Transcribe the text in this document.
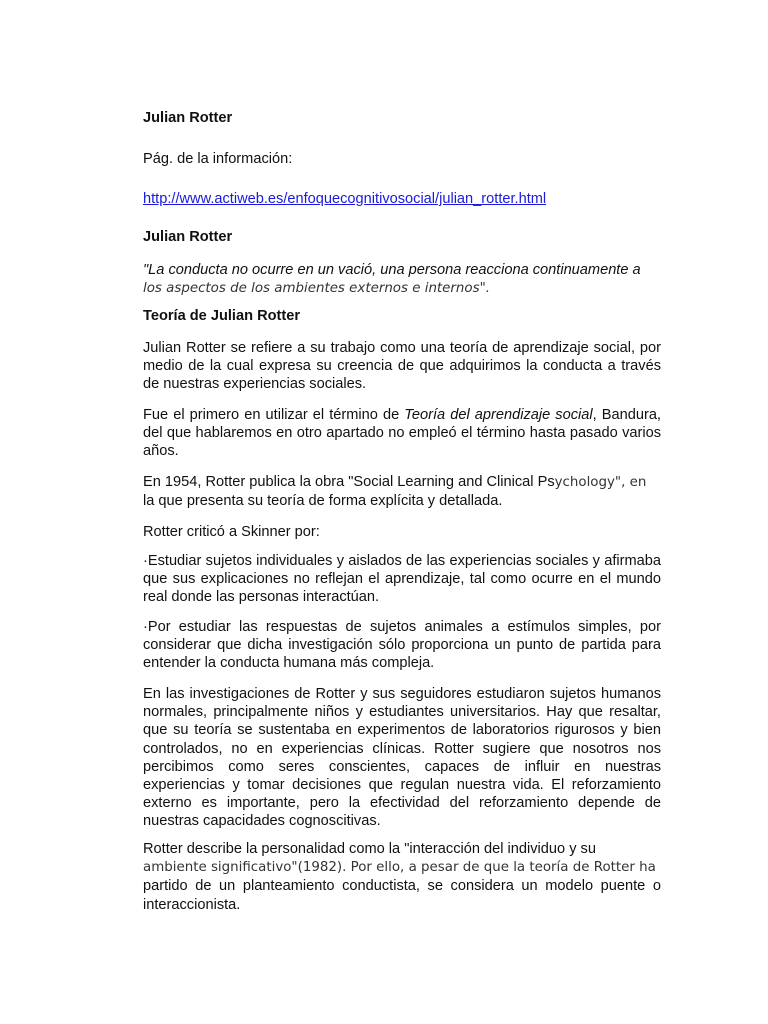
Julian Rotter

Pág. de la información:

http://www.actiweb.es/enfoquecognitivosocial/julian_rotter.html

Julian Rotter

"La conducta no ocurre en un vació, una persona reacciona continuamente a
los aspectos de los ambientes externos e internos".

Teoría de Julian Rotter

Julian Rotter se refiere a su trabajo como una teoría de aprendizaje social, por medio de la cual expresa su creencia de que adquirimos la conducta a través de nuestras experiencias sociales.

Fue el primero en utilizar el término de Teoría del aprendizaje social, Bandura, del que hablaremos en otro apartado no empleó el término hasta pasado varios años.

En 1954, Rotter publica la obra "Social Learning and Clinical Psychology", en
la que presenta su teoría de forma explícita y detallada.

Rotter criticó a Skinner por:

·Estudiar sujetos individuales y aislados de las experiencias sociales y afirmaba que sus explicaciones no reflejan el aprendizaje, tal como ocurre en el mundo real donde las personas interactúan.

·Por estudiar las respuestas de sujetos animales a estímulos simples, por considerar que dicha investigación sólo proporciona un punto de partida para entender la conducta humana más compleja.

En las investigaciones de Rotter y sus seguidores estudiaron sujetos humanos normales, principalmente niños y estudiantes universitarios. Hay que resaltar, que su teoría se sustentaba en experimentos de laboratorios rigurosos y bien controlados, no en experiencias clínicas. Rotter sugiere que nosotros nos percibimos como seres conscientes, capaces de influir en nuestras experiencias y tomar decisiones que regulan nuestra vida. El reforzamiento externo es importante, pero la efectividad del reforzamiento depende de nuestras capacidades cognoscitivas.

Rotter describe la personalidad como la "interacción del individuo y su
ambiente significativo"(1982). Por ello, a pesar de que la teoría de Rotter ha
partido de un planteamiento conductista, se considera un modelo puente o interaccionista.
